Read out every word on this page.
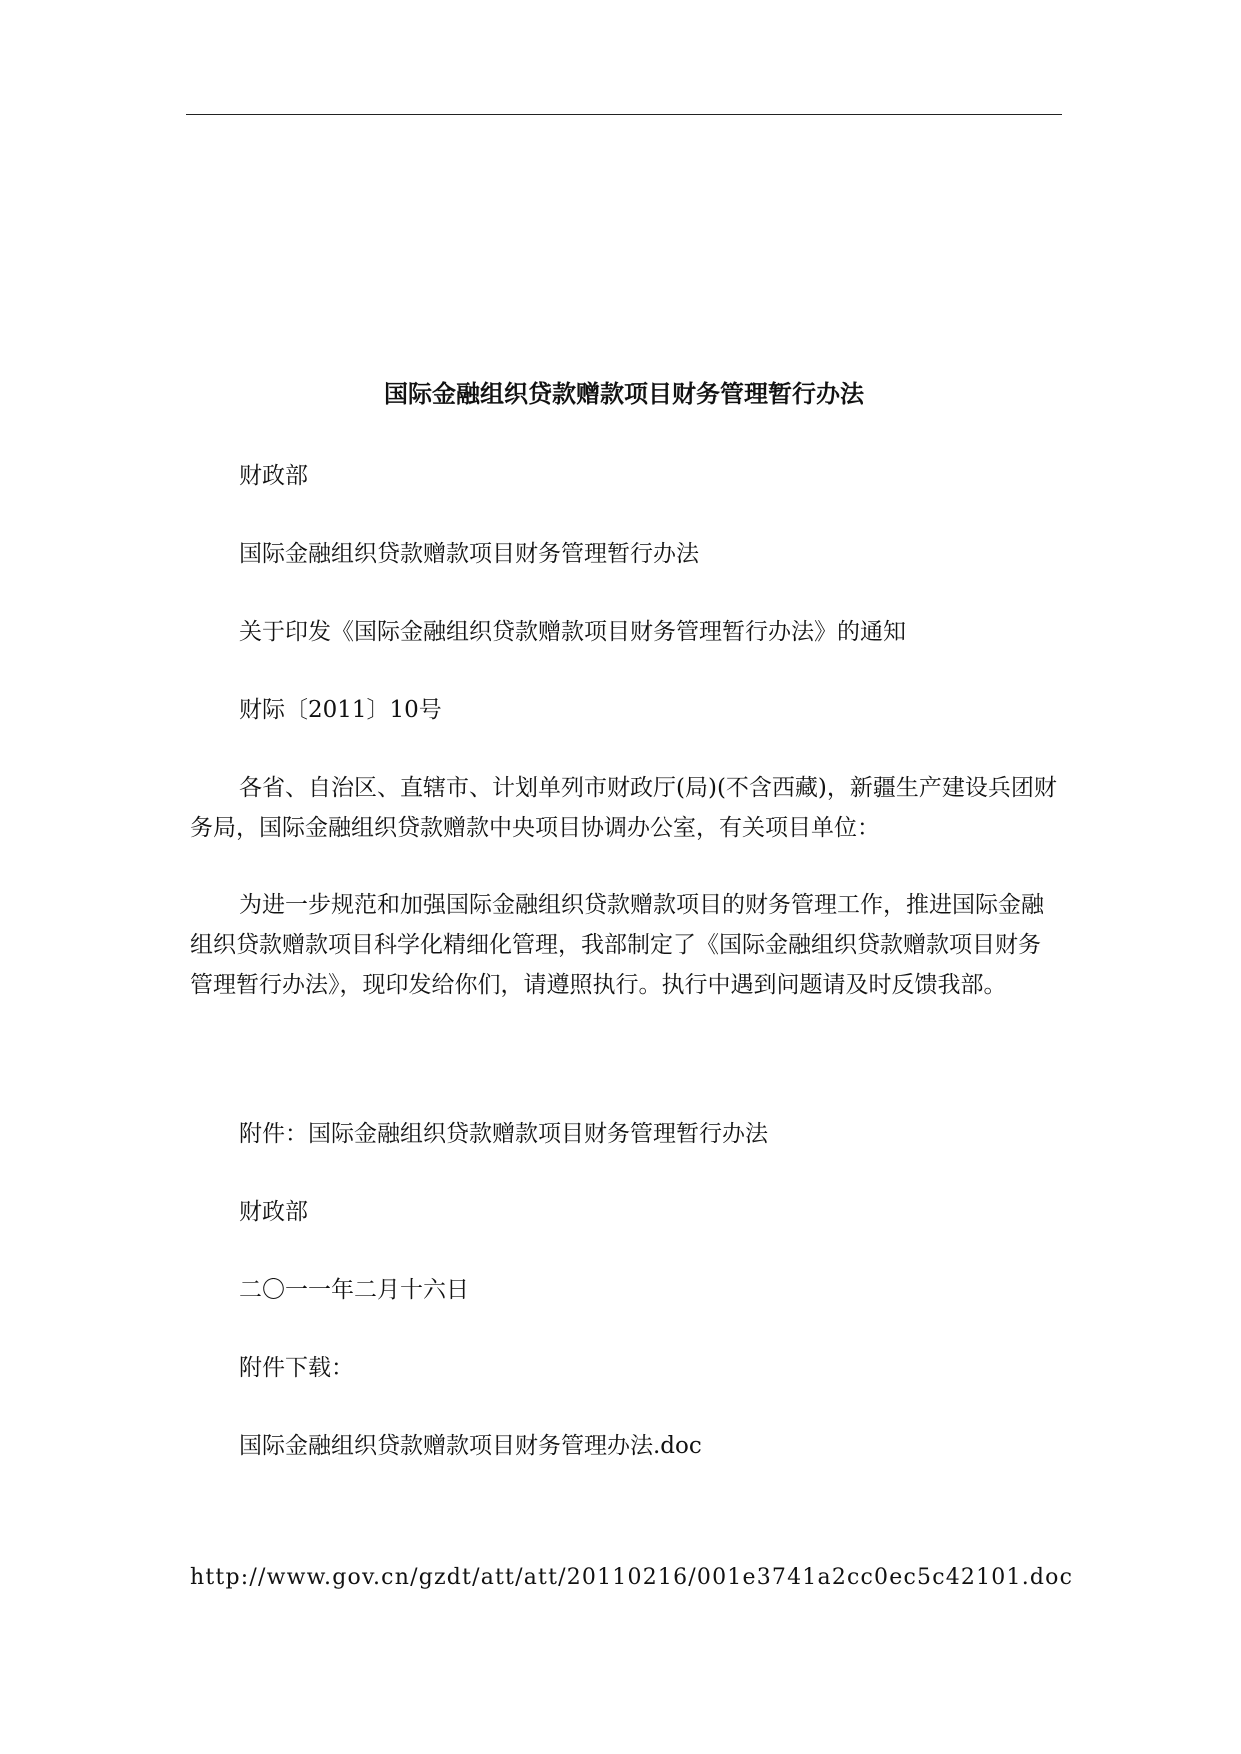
国际金融组织贷款赠款项目财务管理暂行办法

财政部

国际金融组织贷款赠款项目财务管理暂行办法

关于印发《国际金融组织贷款赠款项目财务管理暂行办法》的通知

财际〔2011〕10号

各省、自治区、直辖市、计划单列市财政厅(局)(不含西藏)，新疆生产建设兵团财务局，国际金融组织贷款赠款中央项目协调办公室，有关项目单位：

为进一步规范和加强国际金融组织贷款赠款项目的财务管理工作，推进国际金融组织贷款赠款项目科学化精细化管理，我部制定了《国际金融组织贷款赠款项目财务管理暂行办法》，现印发给你们，请遵照执行。执行中遇到问题请及时反馈我部。

附件：国际金融组织贷款赠款项目财务管理暂行办法

财政部

二〇一一年二月十六日

附件下载：

国际金融组织贷款赠款项目财务管理办法.doc

http://www.gov.cn/gzdt/att/att/20110216/001e3741a2cc0ec5c42101.doc
